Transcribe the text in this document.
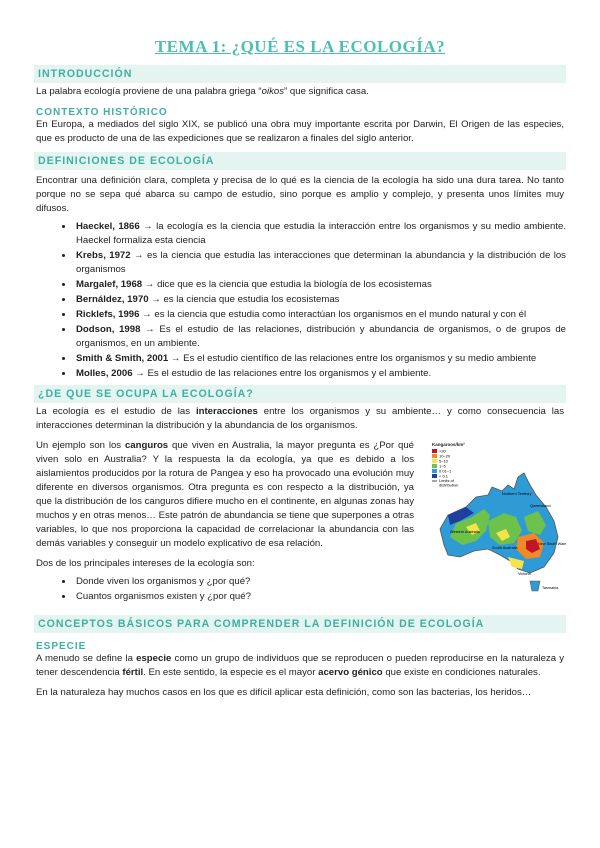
TEMA 1: ¿QUÉ ES LA ECOLOGÍA?
INTRODUCCIÓN

La palabra ecología proviene de una palabra griega “oikos” que significa casa.

CONTEXTO HISTÓRICO

En Europa, a mediados del siglo XIX, se publicó una obra muy importante escrita por Darwin, El Origen de las especies, que es producto de una de las expediciones que se realizaron a finales del siglo anterior.

DEFINICIONES DE ECOLOGÍA

Encontrar una definición clara, completa y precisa de lo qué es la ciencia de la ecología ha sido una dura tarea. No tanto porque no se sepa qué abarca su campo de estudio, sino porque es amplio y complejo, y presenta unos límites muy difusos.

• Haeckel, 1866 → la ecología es la ciencia que estudia la interacción entre los organismos y su medio ambiente. Haeckel formaliza esta ciencia
• Krebs, 1972 → es la ciencia que estudia las interacciones que determinan la abundancia y la distribución de los organismos
• Margalef, 1968 → dice que es la ciencia que estudia la biología de los ecosistemas
• Bernáldez, 1970 → es la ciencia que estudia los ecosistemas
• Ricklefs, 1996 → es la ciencia que estudia como interactúan los organismos en el mundo natural y con él
• Dodson, 1998 → Es el estudio de las relaciones, distribución y abundancia de organismos, o de grupos de organismos, en un ambiente.
• Smith & Smith, 2001 → Es el estudio científico de las relaciones entre los organismos y su medio ambiente
• Molles, 2006 → Es el estudio de las relaciones entre los organismos y el ambiente.
¿DE QUE SE OCUPA LA ECOLOGÍA?

La ecología es el estudio de las interacciones entre los organismos y su ambiente… y como consecuencia las interacciones determinan la distribución y la abundancia de los organismos.

Kangaroos/km²
>20
10–20
5–10
1–5
0.01–1
< 0.1
Limits of
distribution
Northern Territory
Queensland
Western Australia
South Australia
New South Wales
Victoria
Tasmania

Un ejemplo son los canguros que viven en Australia, la mayor pregunta es ¿Por qué viven solo en Australia? Y la respuesta la da ecología, ya que es debido a los aislamientos producidos por la rotura de Pangea y eso ha provocado una evolución muy diferente en diversos organismos. Otra pregunta es con respecto a la distribución, ya que la distribución de los canguros difiere mucho en el continente, en algunas zonas hay muchos y en otras menos… Este patrón de abundancia se tiene que superpones a otras variables, lo que nos proporciona la capacidad de correlacionar la abundancia con las demás variables y conseguir un modelo explicativo de esa relación.

Dos de los principales intereses de la ecología son:

• Donde viven los organismos y ¿por qué?
• Cuantos organismos existen y ¿por qué?
CONCEPTOS BÁSICOS PARA COMPRENDER LA DEFINICIÓN DE ECOLOGÍA
ESPECIE

A menudo se define la especie como un grupo de individuos que se reproducen o pueden reproducirse en la naturaleza y tener descendencia fértil. En este sentido, la especie es el mayor acervo génico que existe en condiciones naturales.

En la naturaleza hay muchos casos en los que es difícil aplicar esta definición, como son las bacterias, los heridos…
